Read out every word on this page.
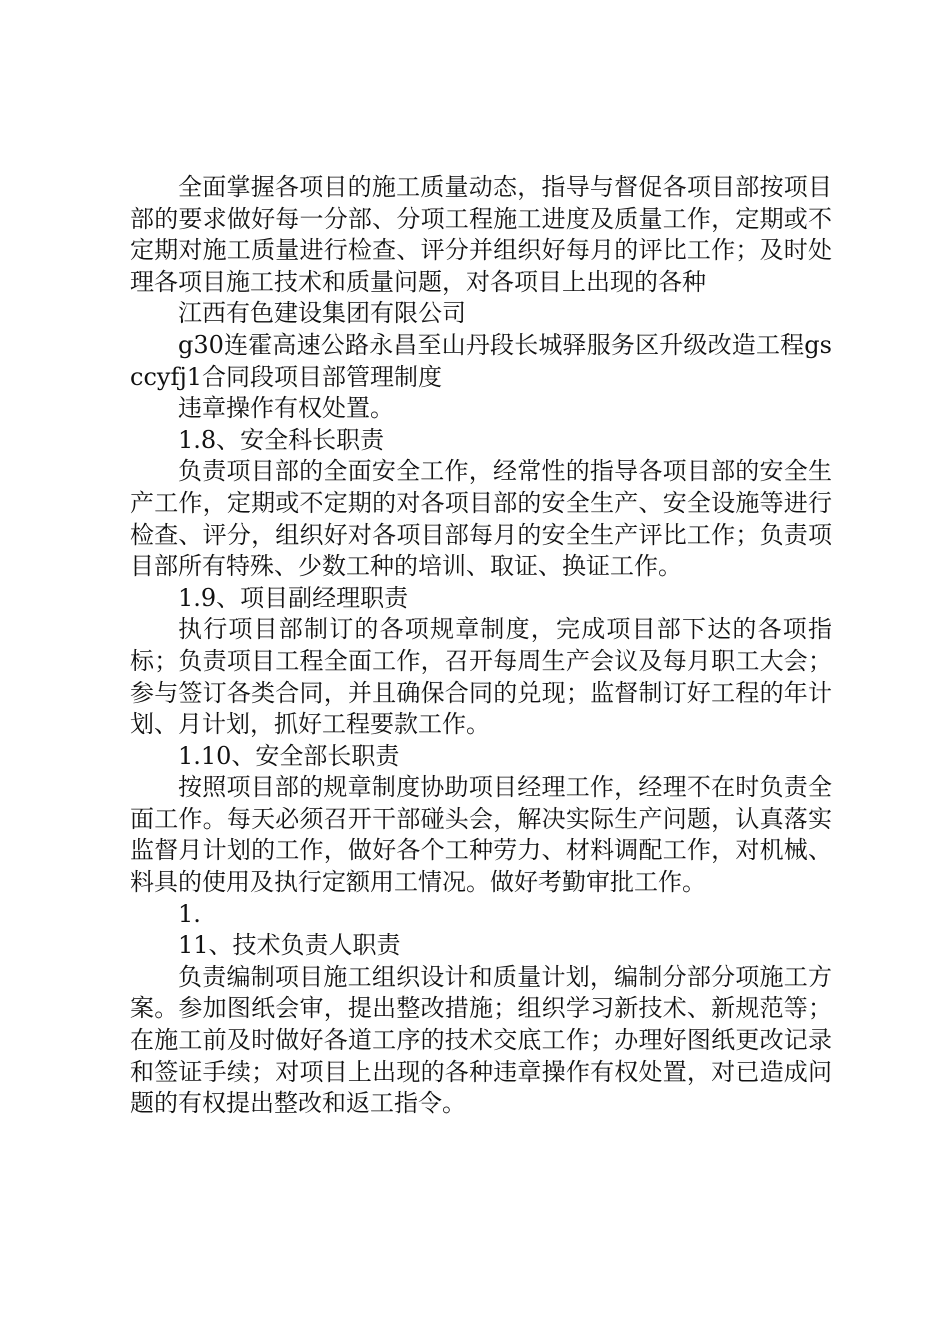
全面掌握各项目的施工质量动态，指导与督促各项目部按项目部的要求做好每一分部、分项工程施工进度及质量工作，定期或不定期对施工质量进行检查、评分并组织好每月的评比工作；及时处理各项目施工技术和质量问题，对各项目上出现的各种

江西有色建设集团有限公司

g30连霍高速公路永昌至山丹段长城驿服务区升级改造工程gsccyfj1合同段项目部管理制度

违章操作有权处置。

1.8、安全科长职责

负责项目部的全面安全工作，经常性的指导各项目部的安全生产工作，定期或不定期的对各项目部的安全生产、安全设施等进行检查、评分，组织好对各项目部每月的安全生产评比工作；负责项目部所有特殊、少数工种的培训、取证、换证工作。

1.9、项目副经理职责

执行项目部制订的各项规章制度，完成项目部下达的各项指标；负责项目工程全面工作，召开每周生产会议及每月职工大会；参与签订各类合同，并且确保合同的兑现；监督制订好工程的年计划、月计划，抓好工程要款工作。

1.10、安全部长职责

按照项目部的规章制度协助项目经理工作，经理不在时负责全面工作。每天必须召开干部碰头会，解决实际生产问题，认真落实监督月计划的工作，做好各个工种劳力、材料调配工作，对机械、料具的使用及执行定额用工情况。做好考勤审批工作。

1.

11、技术负责人职责

负责编制项目施工组织设计和质量计划，编制分部分项施工方案。参加图纸会审，提出整改措施；组织学习新技术、新规范等；在施工前及时做好各道工序的技术交底工作；办理好图纸更改记录和签证手续；对项目上出现的各种违章操作有权处置，对已造成问题的有权提出整改和返工指令。
